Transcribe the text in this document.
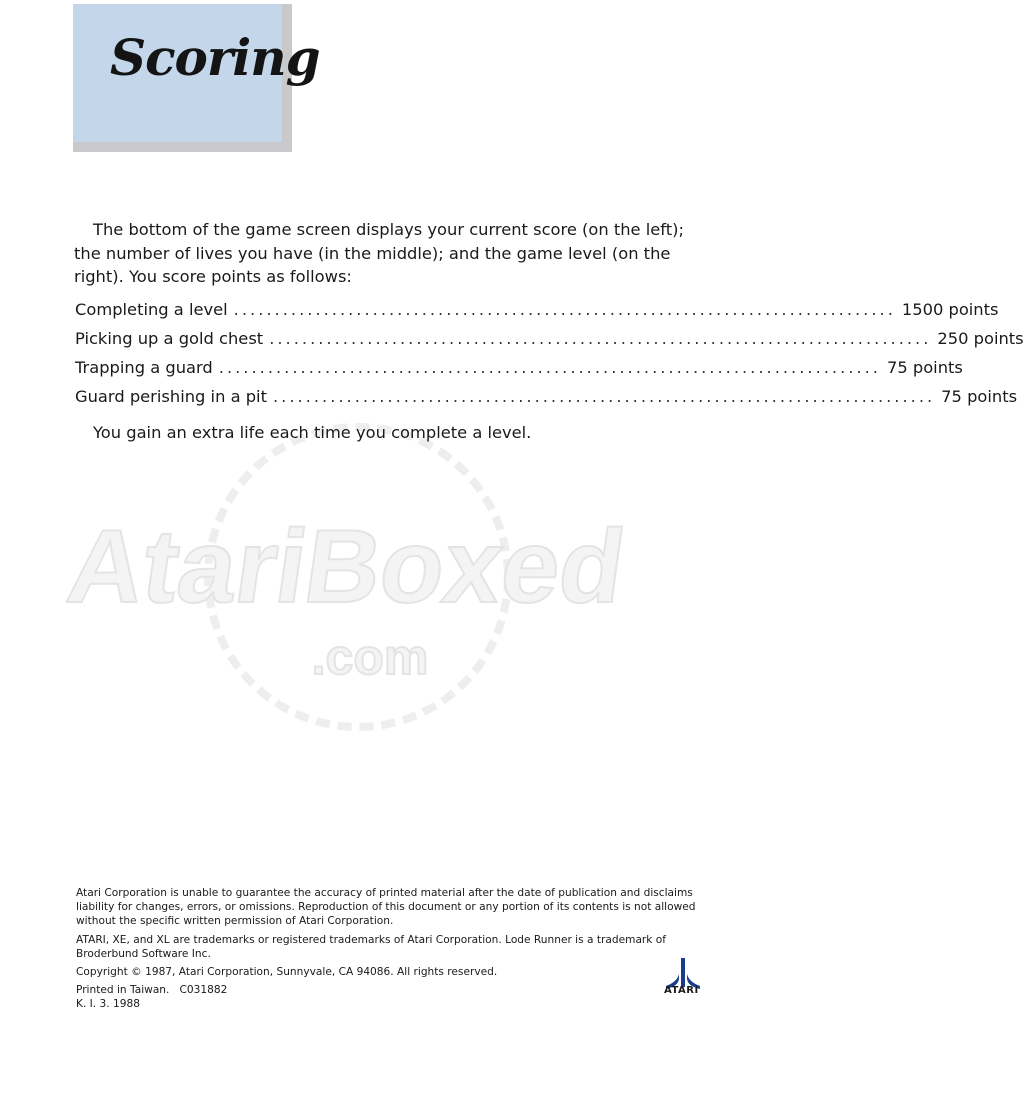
Scoring
AtariBoxed
.com

The bottom of the game screen displays your current score (on the left); the number of lives you have (in the middle); and the game level (on the right). You score points as follows:

Completing a level ................................................................................. 1500 points
Picking up a gold chest ................................................................................. 250 points
Trapping a guard ................................................................................. 75 points
Guard perishing in a pit ................................................................................. 75 points

You gain an extra life each time you complete a level.

Atari Corporation is unable to guarantee the accuracy of printed material after the date of publication and disclaims liability for changes, errors, or omissions. Reproduction of this document or any portion of its contents is not allowed without the specific written permission of Atari Corporation.

ATARI, XE, and XL are trademarks or registered trademarks of Atari Corporation. Lode Runner is a trademark of Broderbund Software Inc.

Copyright © 1987, Atari Corporation, Sunnyvale, CA 94086. All rights reserved.

Printed in Taiwan.   C031882

K. I. 3. 1988

ATARI
